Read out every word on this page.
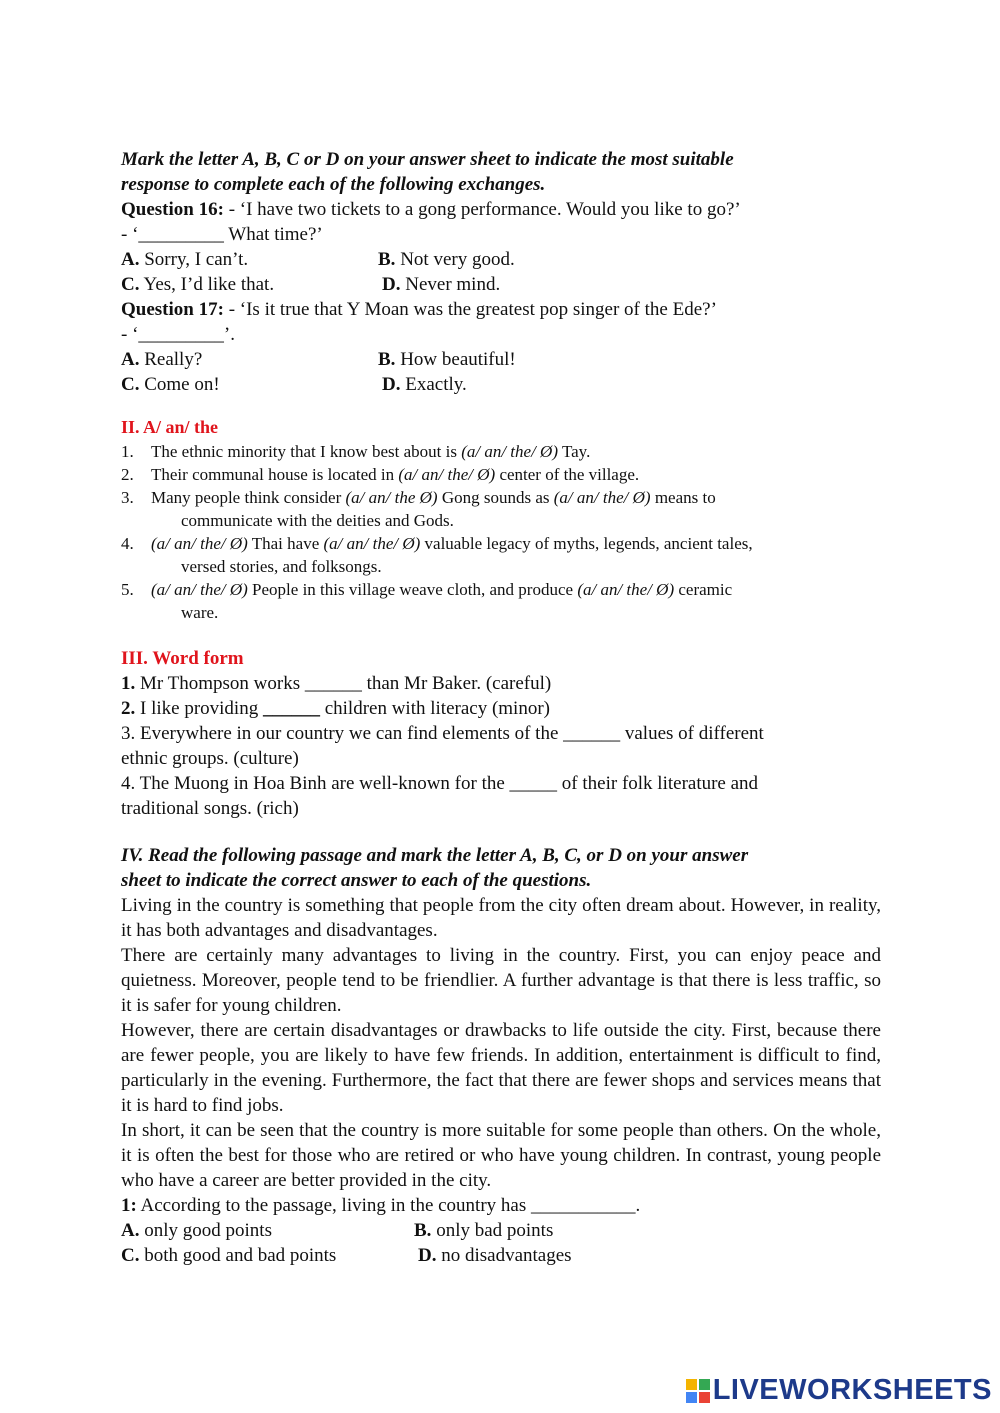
Mark the letter A, B, C or D on your answer sheet to indicate the most suitable
response to complete each of the following exchanges.
Question 16: - ‘I have two tickets to a gong performance. Would you like to go?’
- ‘_________ What time?’
A. Sorry, I can’t.	B. Not very good.
C. Yes, I’d like that.	D. Never mind.
Question 17: - ‘Is it true that Y Moan was the greatest pop singer of the Ede?’
- ‘_________’.
A. Really?	B. How beautiful!
C. Come on!	D. Exactly.
II. A/ an/ the
1. The ethnic minority that I know best about is (a/ an/ the/ Ø) Tay.
2. Their communal house is located in (a/ an/ the/ Ø) center of the village.
3. Many people think consider (a/ an/ the Ø) Gong sounds as (a/ an/ the/ Ø) means to
communicate with the deities and Gods.
4. (a/ an/ the/ Ø) Thai have (a/ an/ the/ Ø) valuable legacy of myths, legends, ancient tales,
versed stories, and folksongs.
5. (a/ an/ the/ Ø) People in this village weave cloth, and produce (a/ an/ the/ Ø) ceramic
ware.
III. Word form
1. Mr Thompson works ______ than Mr Baker. (careful)
2. I like providing ______ children with literacy (minor)
3. Everywhere in our country we can find elements of the ______ values of different
ethnic groups. (culture)
4. The Muong in Hoa Binh are well-known for the _____ of their folk literature and
traditional songs. (rich)
IV. Read the following passage and mark the letter A, B, C, or D on your answer
sheet to indicate the correct answer to each of the questions.
Living in the country is something that people from the city often dream about. However, in reality, it has both advantages and disadvantages.
There are certainly many advantages to living in the country. First, you can enjoy peace and quietness. Moreover, people tend to be friendlier. A further advantage is that there is less traffic, so it is safer for young children.
However, there are certain disadvantages or drawbacks to life outside the city. First, because there are fewer people, you are likely to have few friends. In addition, entertainment is difficult to find, particularly in the evening. Furthermore, the fact that there are fewer shops and services means that it is hard to find jobs.
In short, it can be seen that the country is more suitable for some people than others. On the whole, it is often the best for those who are retired or who have young children. In contrast, young people who have a career are better provided in the city.
1: According to the passage, living in the country has ___________.
A. only good points	B. only bad points
C. both good and bad points	D. no disadvantages
LIVEWORKSHEETS
